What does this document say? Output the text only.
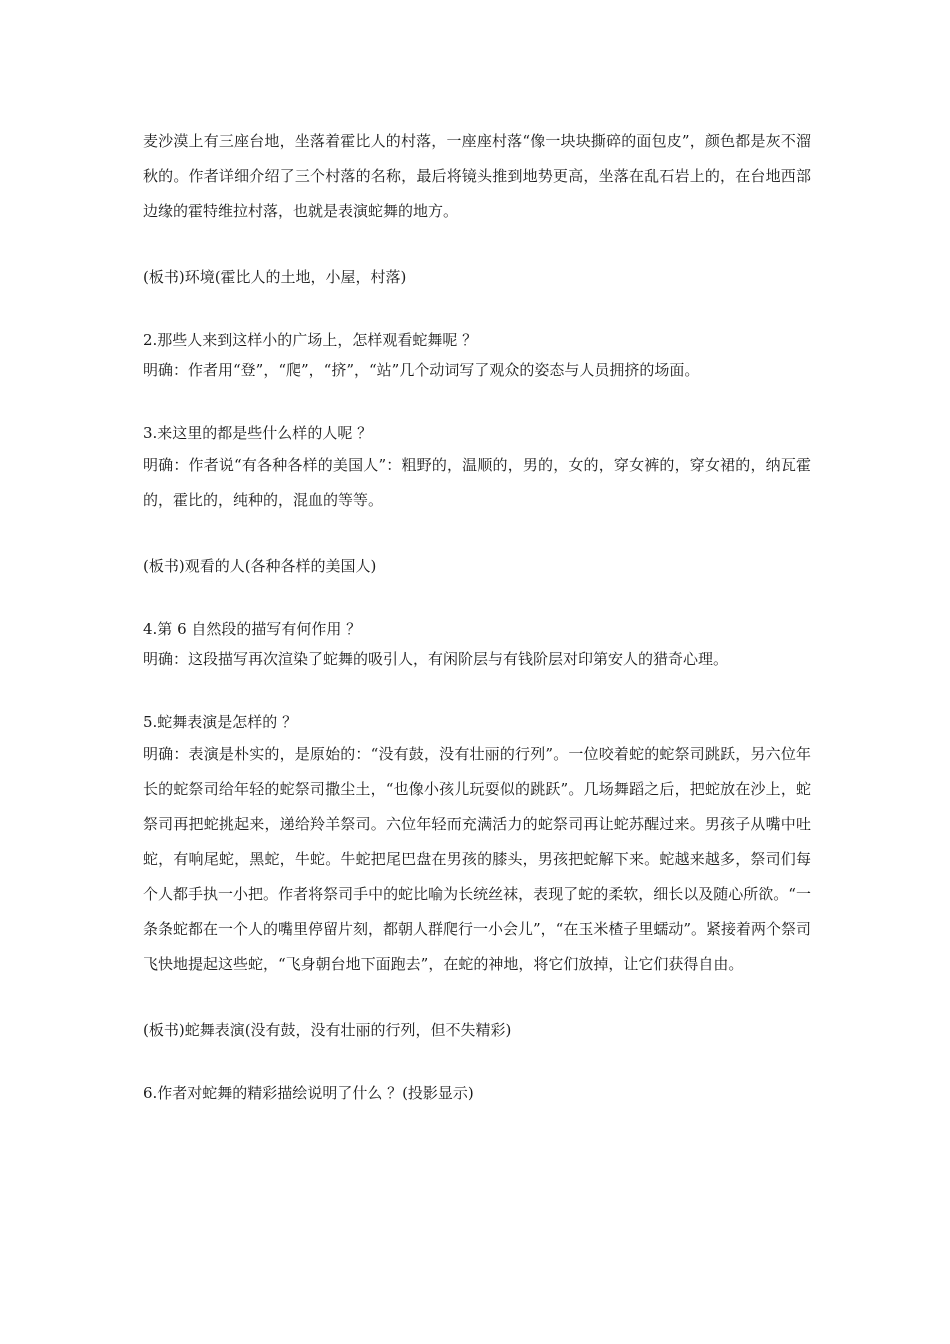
麦沙漠上有三座台地，坐落着霍比人的村落，一座座村落“像一块块撕碎的面包皮”，颜色都是灰不溜秋的。作者详细介绍了三个村落的名称，最后将镜头推到地势更高，坐落在乱石岩上的，在台地西部边缘的霍特维拉村落，也就是表演蛇舞的地方。

(板书)环境(霍比人的土地，小屋，村落)

2.那些人来到这样小的广场上，怎样观看蛇舞呢 ？

明确：作者用“登”，“爬”，“挤”，“站”几个动词写了观众的姿态与人员拥挤的场面。

3.来这里的都是些什么样的人呢 ？

明确：作者说“有各种各样的美国人”：粗野的，温顺的，男的，女的，穿女裤的，穿女裙的，纳瓦霍的，霍比的，纯种的，混血的等等。

(板书)观看的人(各种各样的美国人)

4.第 6 自然段的描写有何作用 ？

明确：这段描写再次渲染了蛇舞的吸引人，有闲阶层与有钱阶层对印第安人的猎奇心理。

5.蛇舞表演是怎样的 ？

明确：表演是朴实的，是原始的：“没有鼓，没有壮丽的行列”。一位咬着蛇的蛇祭司跳跃，另六位年长的蛇祭司给年轻的蛇祭司撒尘土，“也像小孩儿玩耍似的跳跃”。几场舞蹈之后，把蛇放在沙上，蛇祭司再把蛇挑起来，递给羚羊祭司。六位年轻而充满活力的蛇祭司再让蛇苏醒过来。男孩子从嘴中吐蛇，有响尾蛇，黑蛇，牛蛇。牛蛇把尾巴盘在男孩的膝头，男孩把蛇解下来。蛇越来越多，祭司们每个人都手执一小把。作者将祭司手中的蛇比喻为长统丝袜，表现了蛇的柔软，细长以及随心所欲。“一条条蛇都在一个人的嘴里停留片刻，都朝人群爬行一小会儿”，“在玉米楂子里蠕动”。紧接着两个祭司飞快地提起这些蛇，“飞身朝台地下面跑去”，在蛇的神地，将它们放掉，让它们获得自由。

(板书)蛇舞表演(没有鼓，没有壮丽的行列，但不失精彩)

6.作者对蛇舞的精彩描绘说明了什么 ？(投影显示)
